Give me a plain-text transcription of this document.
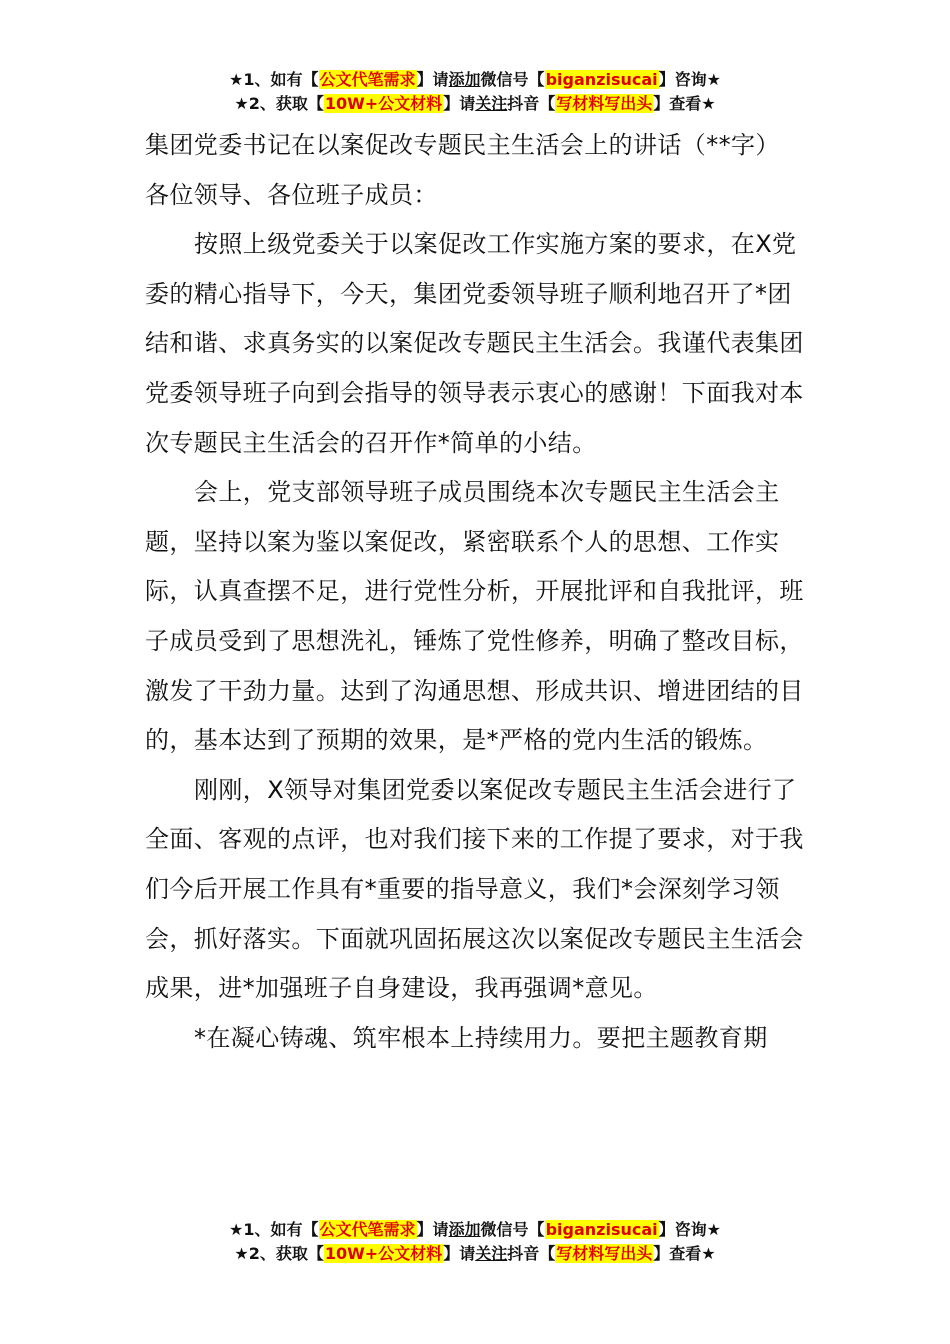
★1、如有【公文代笔需求】请添加微信号【biganzisucai】咨询★
★2、获取【10W+公文材料】请关注抖音【写材料写出头】查看★

集团党委书记在以案促改专题民主生活会上的讲话（**字）

各位领导、各位班子成员：

按照上级党委关于以案促改工作实施方案的要求，在X党委的精心指导下，今天，集团党委领导班子顺利地召开了*团结和谐、求真务实的以案促改专题民主生活会。我谨代表集团党委领导班子向到会指导的领导表示衷心的感谢！下面我对本次专题民主生活会的召开作*简单的小结。

会上，党支部领导班子成员围绕本次专题民主生活会主题，坚持以案为鉴以案促改，紧密联系个人的思想、工作实际，认真查摆不足，进行党性分析，开展批评和自我批评，班子成员受到了思想洗礼，锤炼了党性修养，明确了整改目标，激发了干劲力量。达到了沟通思想、形成共识、增进团结的目的，基本达到了预期的效果，是*严格的党内生活的锻炼。

刚刚，X领导对集团党委以案促改专题民主生活会进行了全面、客观的点评，也对我们接下来的工作提了要求，对于我们今后开展工作具有*重要的指导意义，我们*会深刻学习领会，抓好落实。下面就巩固拓展这次以案促改专题民主生活会成果，进*加强班子自身建设，我再强调*意见。

*在凝心铸魂、筑牢根本上持续用力。要把主题教育期

★1、如有【公文代笔需求】请添加微信号【biganzisucai】咨询★
★2、获取【10W+公文材料】请关注抖音【写材料写出头】查看★
